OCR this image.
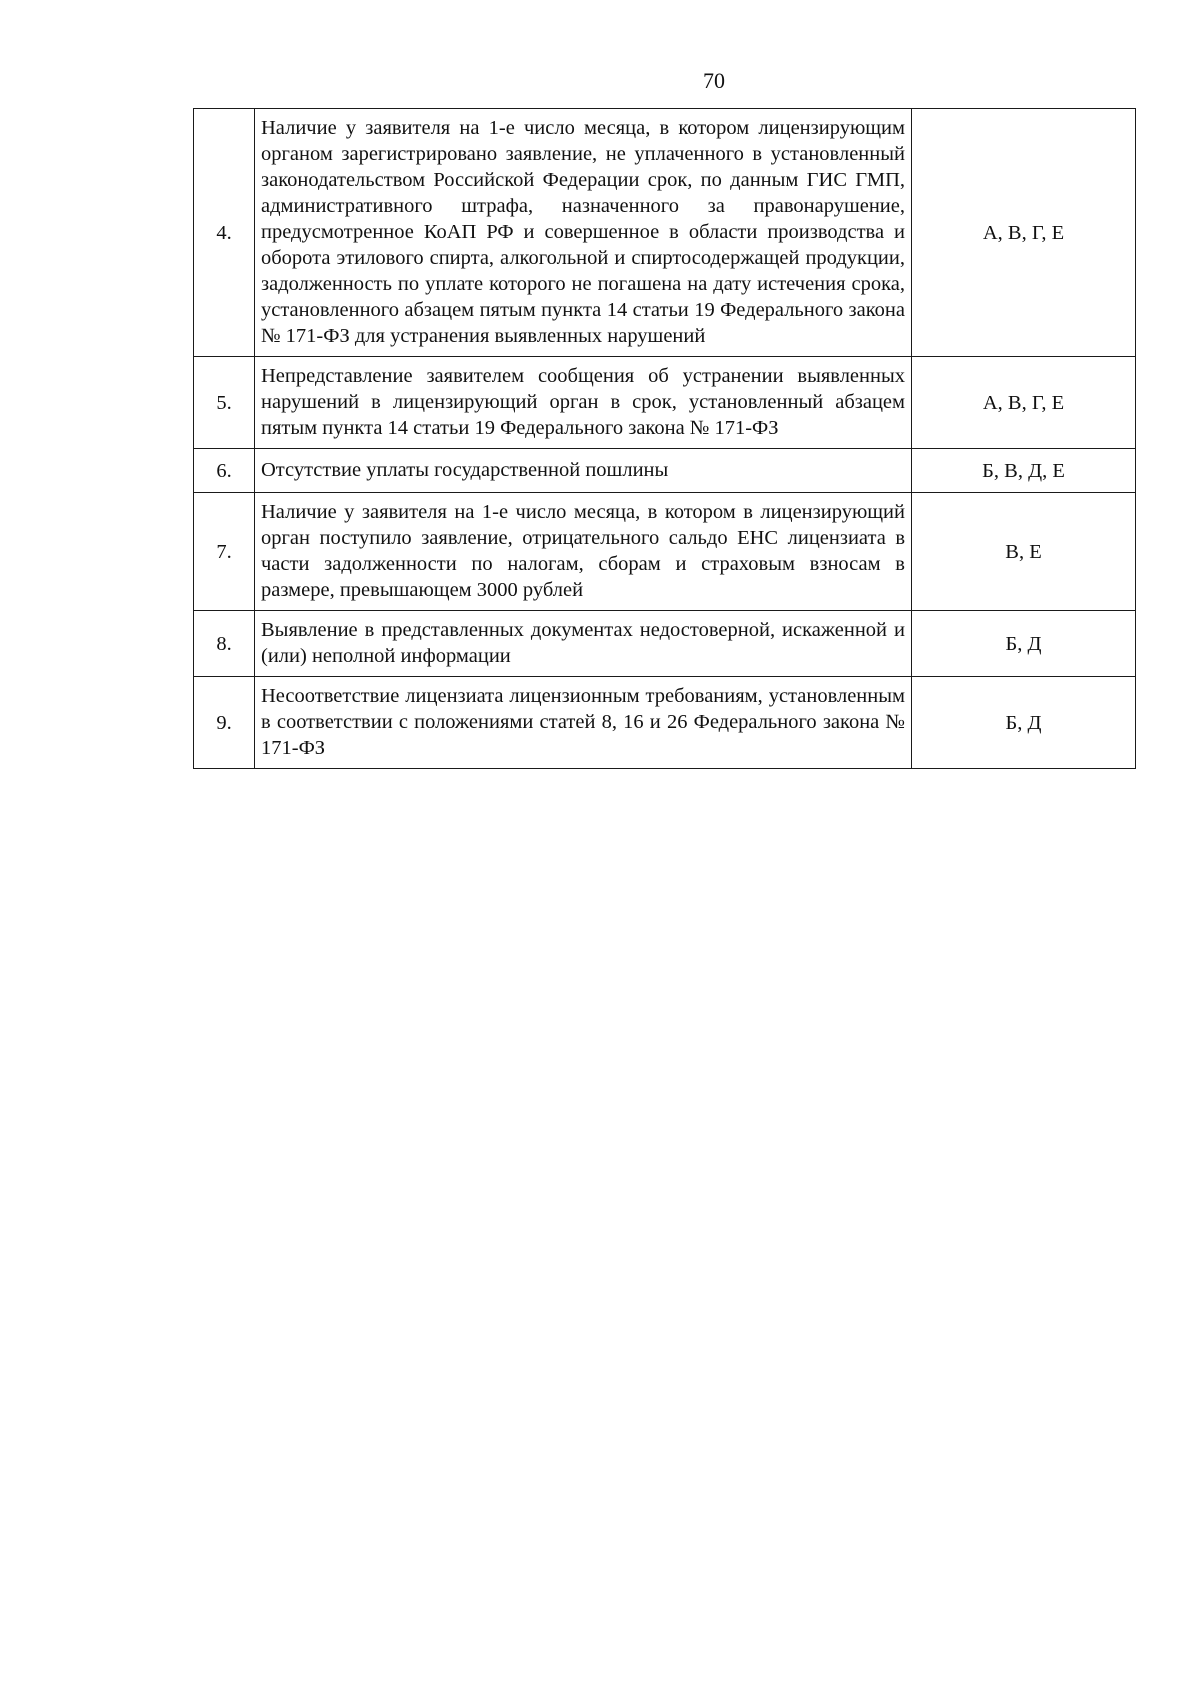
70
4.	Наличие у заявителя на 1-е число месяца, в котором лицензирующим органом зарегистрировано заявление, не уплаченного в установленный законодательством Российской Федерации срок, по данным ГИС ГМП, административного штрафа, назначенного за правонарушение, предусмотренное КоАП РФ и совершенное в области производства и оборота этилового спирта, алкогольной и спиртосодержащей продукции, задолженность по уплате которого не погашена на дату истечения срока, установленного абзацем пятым пункта 14 статьи 19 Федерального закона № 171-ФЗ для устранения выявленных нарушений	А, В, Г, Е
5.	Непредставление заявителем сообщения об устранении выявленных нарушений в лицензирующий орган в срок, установленный абзацем пятым пункта 14 статьи 19 Федерального закона № 171-ФЗ	А, В, Г, Е
6.	Отсутствие уплаты государственной пошлины	Б, В, Д, Е
7.	Наличие у заявителя на 1-е число месяца, в котором в лицензирующий орган поступило заявление, отрицательного сальдо ЕНС лицензиата в части задолженности по налогам, сборам и страховым взносам в размере, превышающем 3000 рублей	В, Е
8.	Выявление в представленных документах недостоверной, искаженной и (или) неполной информации	Б, Д
9.	Несоответствие лицензиата лицензионным требованиям, установленным в соответствии с положениями статей 8, 16 и 26 Федерального закона № 171-ФЗ	Б, Д
